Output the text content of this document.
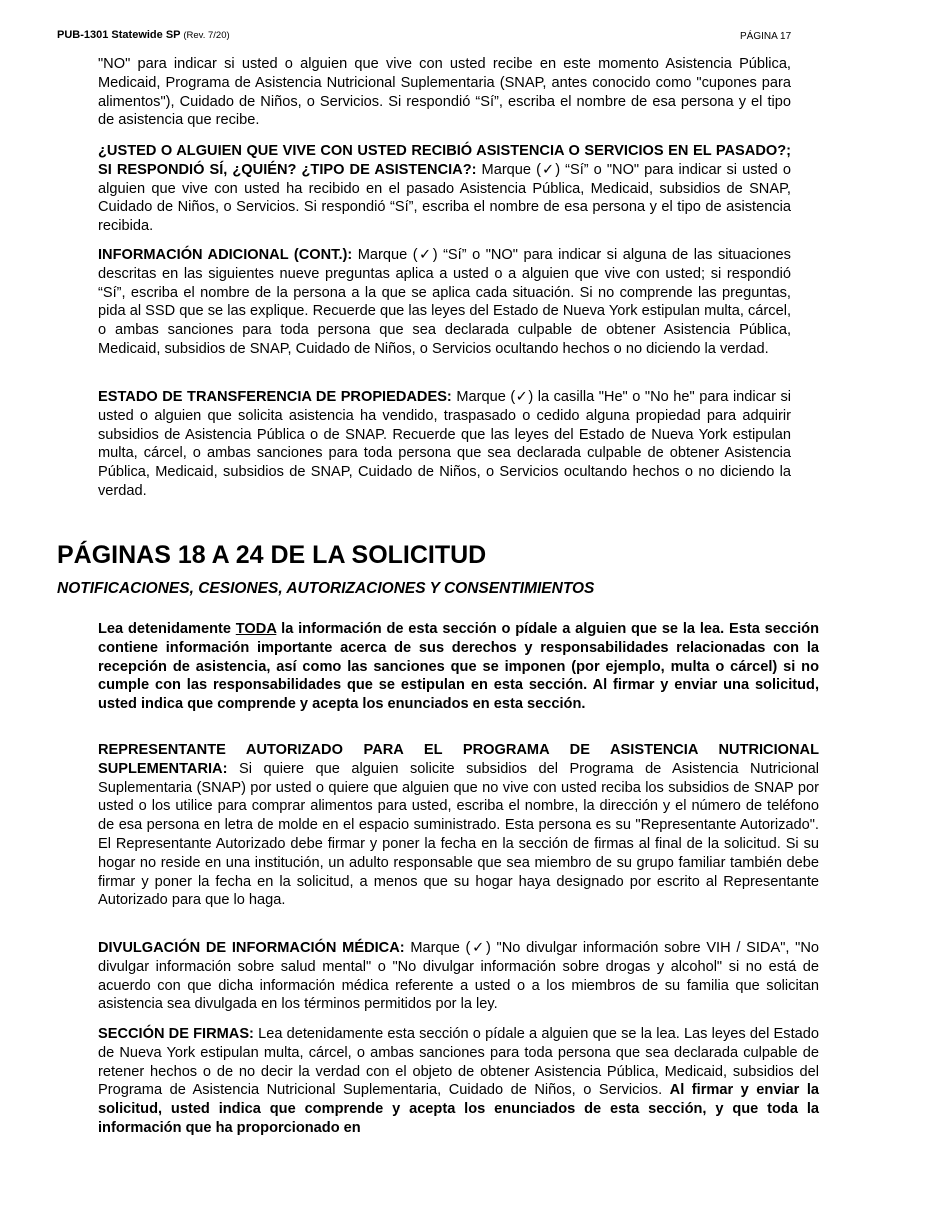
PUB-1301 Statewide SP (Rev. 7/20)	PÁGINA 17

"NO" para indicar si usted o alguien que vive con usted recibe en este momento Asistencia Pública, Medicaid, Programa de Asistencia Nutricional Suplementaria (SNAP, antes conocido como "cupones para alimentos"), Cuidado de Niños, o Servicios. Si respondió “Sí”, escriba el nombre de esa persona y el tipo de asistencia que recibe.

¿USTED O ALGUIEN QUE VIVE CON USTED RECIBIÓ ASISTENCIA O SERVICIOS EN EL PASADO?; SI RESPONDIÓ SÍ, ¿QUIÉN? ¿TIPO DE ASISTENCIA?: Marque (✓) “Sí” o "NO" para indicar si usted o alguien que vive con usted ha recibido en el pasado Asistencia Pública, Medicaid, subsidios de SNAP, Cuidado de Niños, o Servicios. Si respondió “Sí”, escriba el nombre de esa persona y el tipo de asistencia recibida.

INFORMACIÓN ADICIONAL (CONT.): Marque (✓) “Sí” o "NO" para indicar si alguna de las situaciones descritas en las siguientes nueve preguntas aplica a usted o a alguien que vive con usted; si respondió “Sí”, escriba el nombre de la persona a la que se aplica cada situación. Si no comprende las preguntas, pida al SSD que se las explique. Recuerde que las leyes del Estado de Nueva York estipulan multa, cárcel, o ambas sanciones para toda persona que sea declarada culpable de obtener Asistencia Pública, Medicaid, subsidios de SNAP, Cuidado de Niños, o Servicios ocultando hechos o no diciendo la verdad.

ESTADO DE TRANSFERENCIA DE PROPIEDADES: Marque (✓) la casilla "He" o "No he" para indicar si usted o alguien que solicita asistencia ha vendido, traspasado o cedido alguna propiedad para adquirir subsidios de Asistencia Pública o de SNAP. Recuerde que las leyes del Estado de Nueva York estipulan multa, cárcel, o ambas sanciones para toda persona que sea declarada culpable de obtener Asistencia Pública, Medicaid, subsidios de SNAP, Cuidado de Niños, o Servicios ocultando hechos o no diciendo la verdad.

PÁGINAS 18 A 24 DE LA SOLICITUD
NOTIFICACIONES, CESIONES, AUTORIZACIONES Y CONSENTIMIENTOS

Lea detenidamente TODA la información de esta sección o pídale a alguien que se la lea. Esta sección contiene información importante acerca de sus derechos y responsabilidades relacionadas con la recepción de asistencia, así como las sanciones que se imponen (por ejemplo, multa o cárcel) si no cumple con las responsabilidades que se estipulan en esta sección. Al firmar y enviar una solicitud, usted indica que comprende y acepta los enunciados en esta sección.

REPRESENTANTE AUTORIZADO PARA EL PROGRAMA DE ASISTENCIA NUTRICIONAL SUPLEMENTARIA: Si quiere que alguien solicite subsidios del Programa de Asistencia Nutricional Suplementaria (SNAP) por usted o quiere que alguien que no vive con usted reciba los subsidios de SNAP por usted o los utilice para comprar alimentos para usted, escriba el nombre, la dirección y el número de teléfono de esa persona en letra de molde en el espacio suministrado. Esta persona es su "Representante Autorizado". El Representante Autorizado debe firmar y poner la fecha en la sección de firmas al final de la solicitud. Si su hogar no reside en una institución, un adulto responsable que sea miembro de su grupo familiar también debe firmar y poner la fecha en la solicitud, a menos que su hogar haya designado por escrito al Representante Autorizado para que lo haga.

DIVULGACIÓN DE INFORMACIÓN MÉDICA: Marque (✓) "No divulgar información sobre VIH / SIDA", "No divulgar información sobre salud mental" o "No divulgar información sobre drogas y alcohol" si no está de acuerdo con que dicha información médica referente a usted o a los miembros de su familia que solicitan asistencia sea divulgada en los términos permitidos por la ley.

SECCIÓN DE FIRMAS: Lea detenidamente esta sección o pídale a alguien que se la lea. Las leyes del Estado de Nueva York estipulan multa, cárcel, o ambas sanciones para toda persona que sea declarada culpable de retener hechos o de no decir la verdad con el objeto de obtener Asistencia Pública, Medicaid, subsidios del Programa de Asistencia Nutricional Suplementaria, Cuidado de Niños, o Servicios. Al firmar y enviar la solicitud, usted indica que comprende y acepta los enunciados de esta sección, y que toda la información que ha proporcionado en
